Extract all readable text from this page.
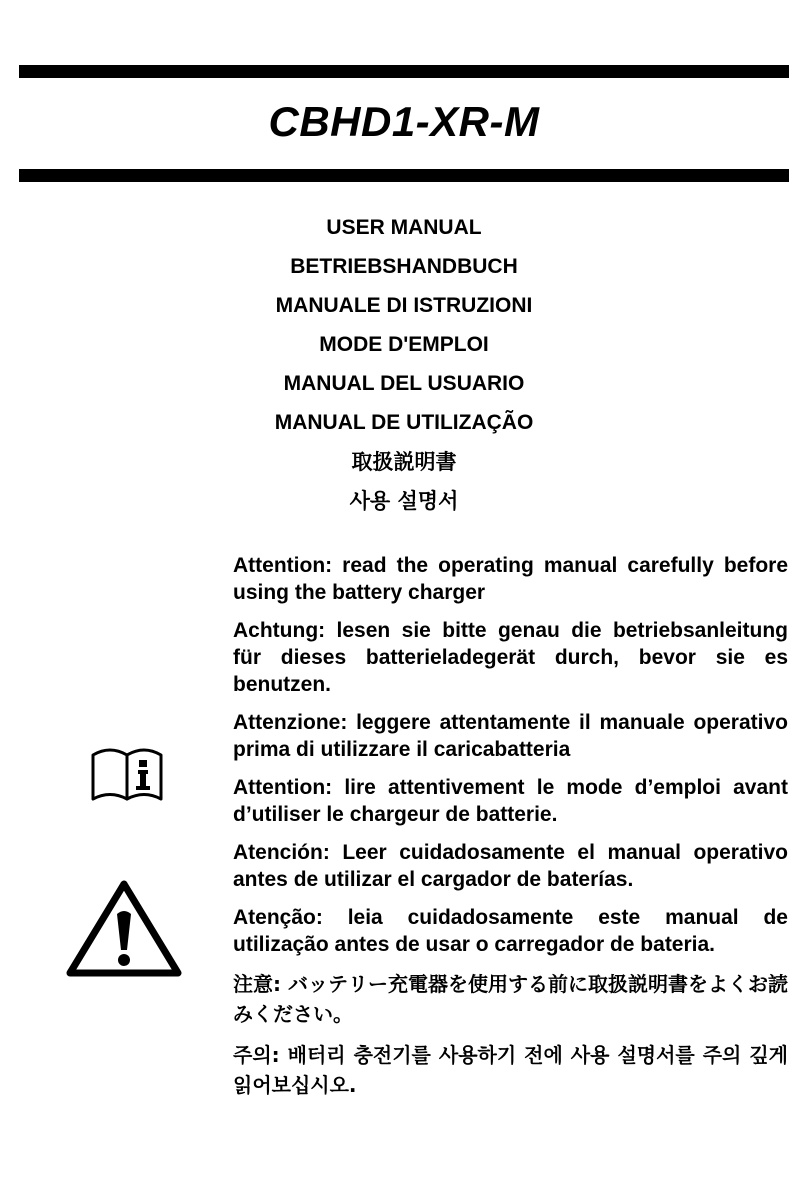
CBHD1-XR-M
USER MANUAL
BETRIEBSHANDBUCH
MANUALE DI ISTRUZIONI
MODE D'EMPLOI
MANUAL DEL USUARIO
MANUAL DE UTILIZAÇÃO
取扱説明書
사용 설명서
Attention: read the operating manual carefully before using the battery charger
Achtung: lesen sie bitte genau die betriebsanleitung für dieses batterieladegerät durch, bevor sie es benutzen.
Attenzione: leggere attentamente il manuale operativo prima di utilizzare il caricabatteria
Attention: lire attentivement le mode d’emploi avant d’utiliser le chargeur de batterie.
Atención: Leer cuidadosamente el manual operativo antes de utilizar el cargador de baterías.
Atenção: leia cuidadosamente este manual de utilização antes de usar o carregador de bateria.
注意: バッテリー充電器を使用する前に取扱説明書をよくお読みください。
주의: 배터리 충전기를 사용하기 전에 사용 설명서를 주의 깊게 읽어보십시오.
